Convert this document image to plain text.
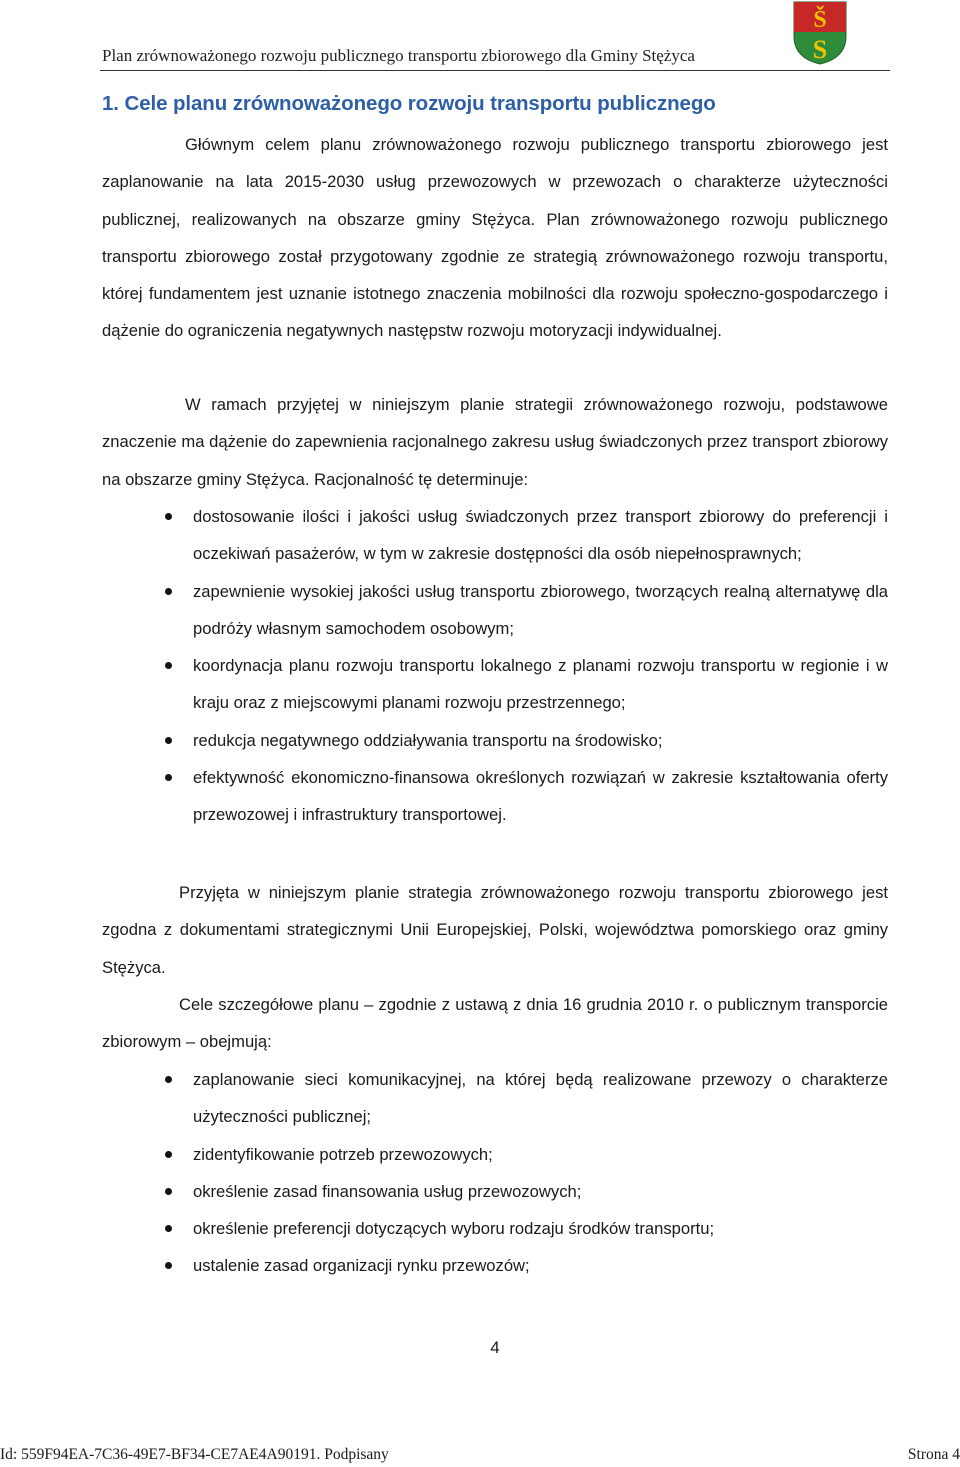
Plan zrównoważonego rozwoju publicznego transportu zbiorowego dla Gminy Stężyca
Š
S
1. Cele planu zrównoważonego rozwoju transportu publicznego

Głównym celem planu zrównoważonego rozwoju publicznego transportu zbiorowego jest zaplanowanie na lata 2015-2030 usług przewozowych w przewozach o charakterze użyteczności publicznej, realizowanych na obszarze gminy Stężyca. Plan zrównoważonego rozwoju publicznego transportu zbiorowego został przygotowany zgodnie ze strategią zrównoważonego rozwoju transportu, której fundamentem jest uznanie istotnego znaczenia mobilności dla rozwoju społeczno-gospodarczego i dążenie do ograniczenia negatywnych następstw rozwoju motoryzacji indywidualnej.

W ramach przyjętej w niniejszym planie strategii zrównoważonego rozwoju, podstawowe znaczenie ma dążenie do zapewnienia racjonalnego zakresu usług świadczonych przez transport zbiorowy na obszarze gminy Stężyca. Racjonalność tę determinuje:

dostosowanie ilości i jakości usług świadczonych przez transport zbiorowy do preferencji i oczekiwań pasażerów, w tym w zakresie dostępności dla osób niepełnosprawnych;
zapewnienie wysokiej jakości usług transportu zbiorowego, tworzących realną alternatywę dla podróży własnym samochodem osobowym;
koordynacja planu rozwoju transportu lokalnego z planami rozwoju transportu w regionie i w kraju oraz z miejscowymi planami rozwoju przestrzennego;
redukcja negatywnego oddziaływania transportu na środowisko;
efektywność ekonomiczno-finansowa określonych rozwiązań w zakresie kształtowania oferty przewozowej i infrastruktury transportowej.

Przyjęta w niniejszym planie strategia zrównoważonego rozwoju transportu zbiorowego jest zgodna z dokumentami strategicznymi Unii Europejskiej, Polski, województwa pomorskiego oraz gminy Stężyca.

Cele szczegółowe planu – zgodnie z ustawą z dnia 16 grudnia 2010 r. o publicznym transporcie zbiorowym – obejmują:

zaplanowanie sieci komunikacyjnej, na której będą realizowane przewozy o charakterze użyteczności publicznej;
zidentyfikowanie potrzeb przewozowych;
określenie zasad finansowania usług przewozowych;
określenie preferencji dotyczących wyboru rodzaju środków transportu;
ustalenie zasad organizacji rynku przewozów;
4
Id: 559F94EA-7C36-49E7-BF34-CE7AE4A90191. Podpisany	Strona 4
